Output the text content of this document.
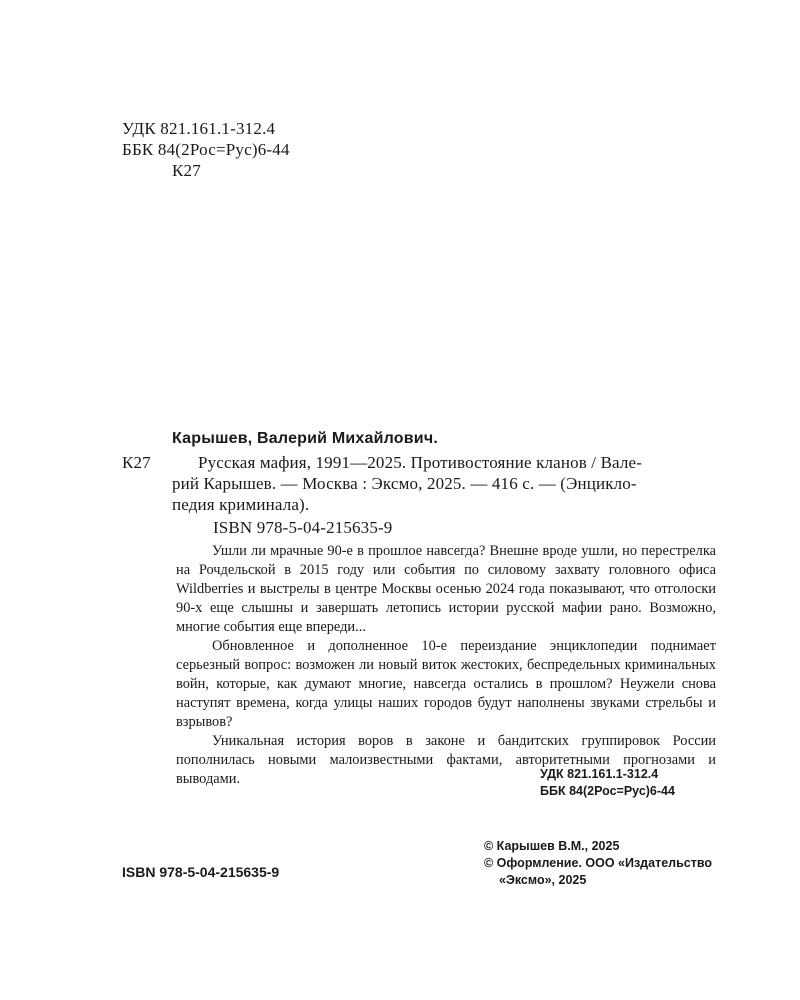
УДК 821.161.1-312.4
ББК 84(2Рос=Рус)6-44
К27
Карышев, Валерий Михайлович.
К27	Русская мафия, 1991—2025. Противостояние кланов / Вале-
рий Карышев. — Москва : Эксмо, 2025. — 416 с. — (Энцикло-
педия криминала).
ISBN 978-5-04-215635-9

Ушли ли мрачные 90-е в прошлое навсегда? Внешне вроде ушли, но перестрелка на Рочдельской в 2015 году или события по силовому захвату головного офиса Wildberries и выстрелы в центре Москвы осенью 2024 года показывают, что отголоски 90-х еще слышны и завершать летопись истории русской мафии рано. Возможно, многие события еще впереди...

Обновленное и дополненное 10-е переиздание энциклопедии поднимает серьезный вопрос: возможен ли новый виток жестоких, беспредельных криминальных войн, которые, как думают многие, навсегда остались в прошлом? Неужели снова наступят времена, когда улицы наших городов будут наполнены звуками стрельбы и взрывов?

Уникальная история воров в законе и бандитских группировок России пополнилась новыми малоизвестными фактами, авторитетными прогнозами и выводами.	УДК 821.161.1-312.4
ББК 84(2Рос=Рус)6-44
© Карышев В.М., 2025
© Оформление. ООО «Издательство
«Эксмо», 2025
ISBN 978-5-04-215635-9
